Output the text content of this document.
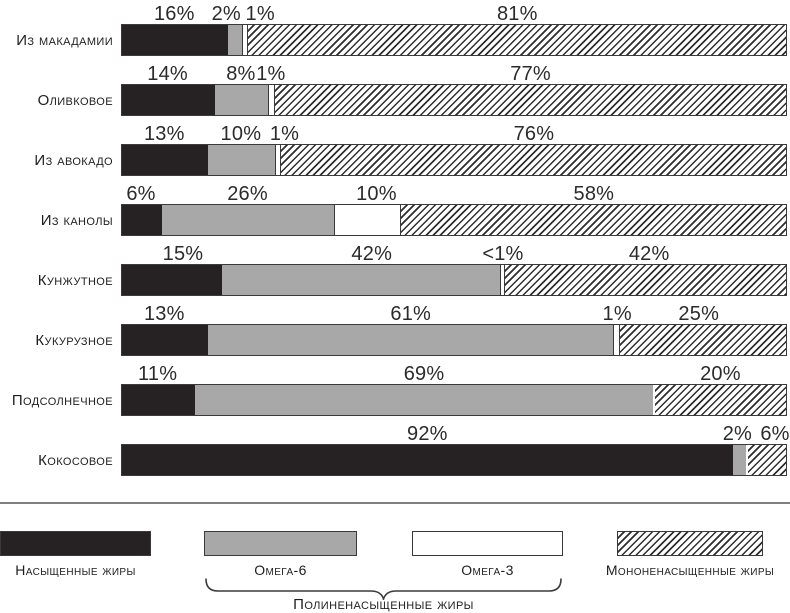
Из макадамии
16% 2% 1%	81%
Оливковое
14% 8% 1%	77%
Из авокадо
13% 10% 1%	76%
Из канолы
6%	26%	10%	58%
Кунжутное
15%	42%	<1%	42%
Кукурузное
13%	61%	1% 25%
Подсолнечное
11%	69%	20%
Кокосовое
92%	2% 6%
Полиненасыщенные жиры
Насыщенные жиры	Омега-6	Омега-3	Мононенасыщенные жиры
